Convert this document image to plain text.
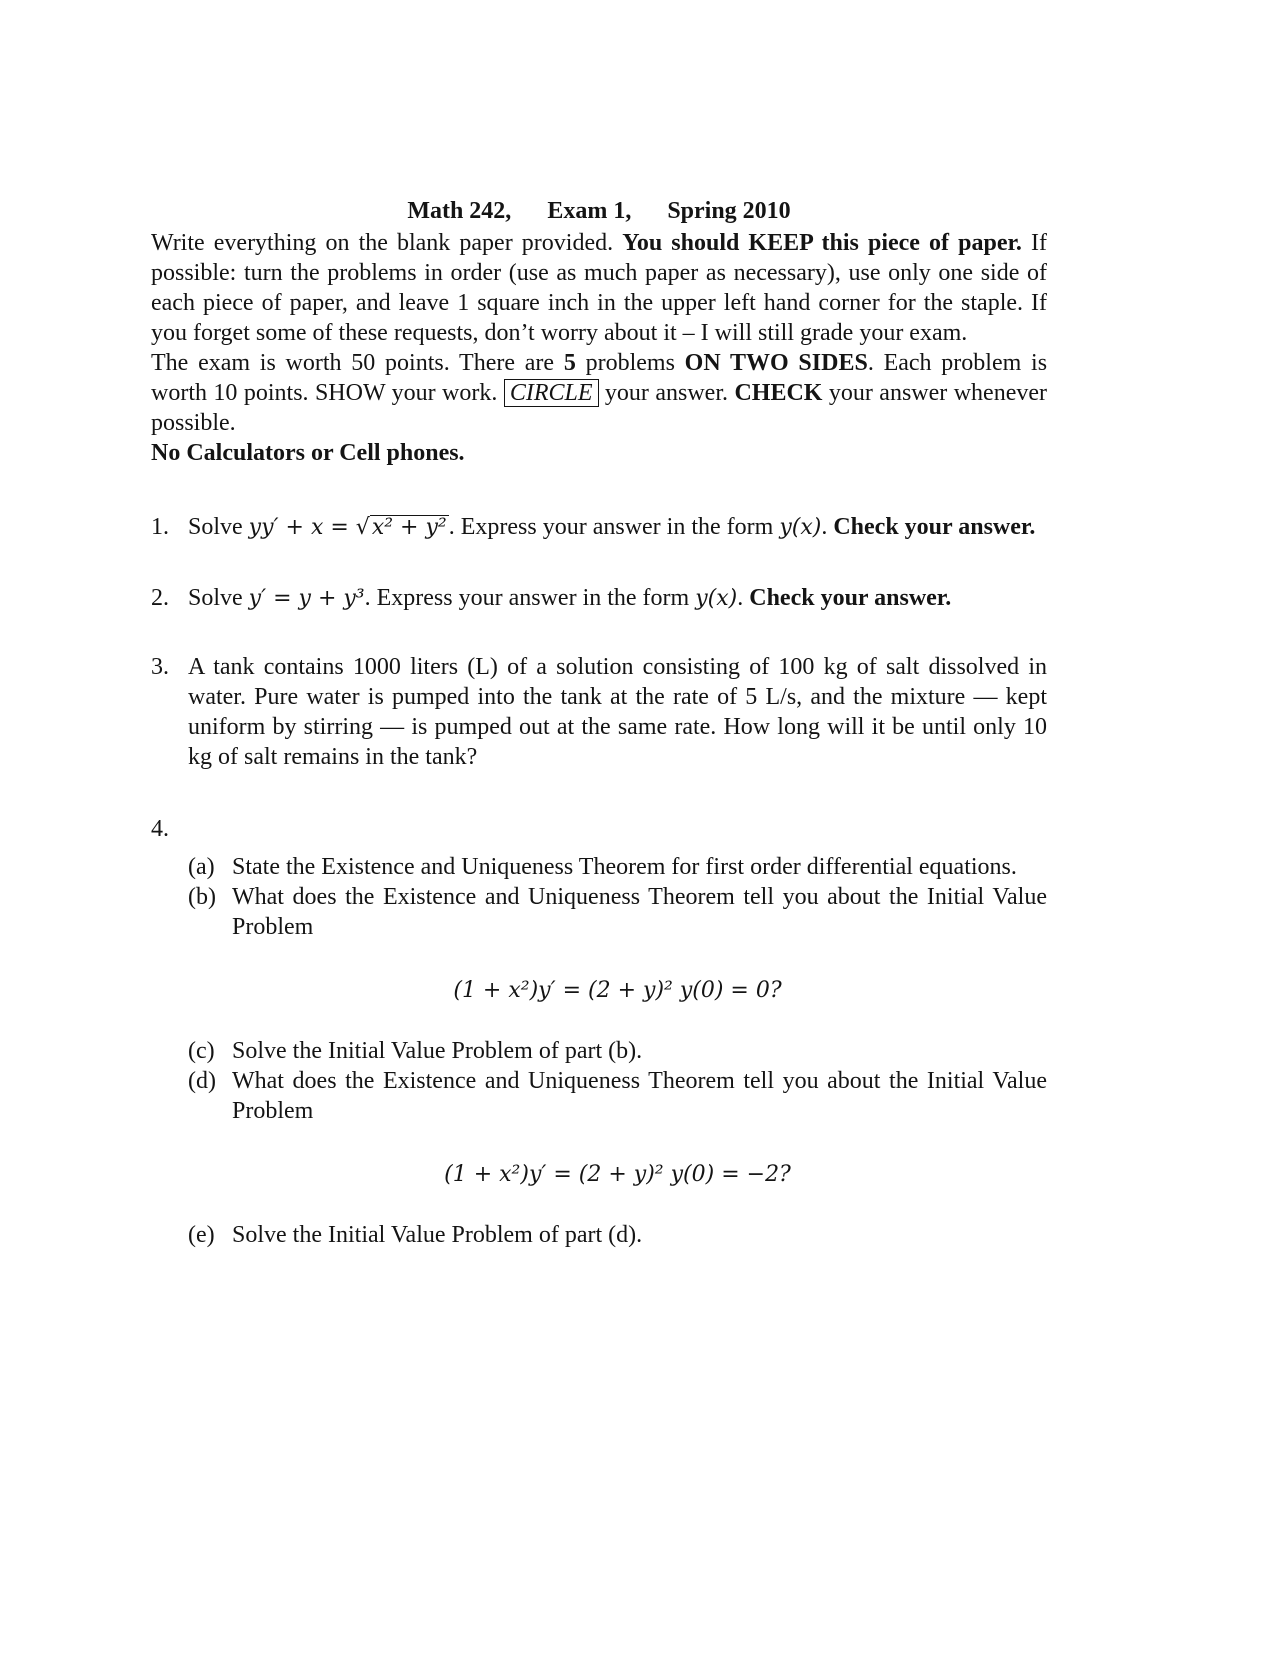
Math 242, Exam 1, Spring 2010

Write everything on the blank paper provided. You should KEEP this piece of paper. If possible: turn the problems in order (use as much paper as necessary), use only one side of each piece of paper, and leave 1 square inch in the upper left hand corner for the staple. If you forget some of these requests, don’t worry about it – I will still grade your exam.

The exam is worth 50 points. There are 5 problems ON TWO SIDES. Each problem is worth 10 points. SHOW your work. CIRCLE your answer. CHECK your answer whenever possible.

No Calculators or Cell phones.

1. Solve yy′ + x = √x² + y². Express your answer in the form y(x). Check your answer.
2. Solve y′ = y + y³. Express your answer in the form y(x). Check your answer.
3. A tank contains 1000 liters (L) of a solution consisting of 100 kg of salt dissolved in water. Pure water is pumped into the tank at the rate of 5 L/s, and the mixture — kept uniform by stirring — is pumped out at the same rate. How long will it be until only 10 kg of salt remains in the tank?
4.
(a) State the Existence and Uniqueness Theorem for first order differential equations.
(b) What does the Existence and Uniqueness Theorem tell you about the Initial Value Problem

(1 + x²)y′ = (2 + y)² y(0) = 0?

(c) Solve the Initial Value Problem of part (b).
(d) What does the Existence and Uniqueness Theorem tell you about the Initial Value Problem

(1 + x²)y′ = (2 + y)² y(0) = −2?

(e) Solve the Initial Value Problem of part (d).
